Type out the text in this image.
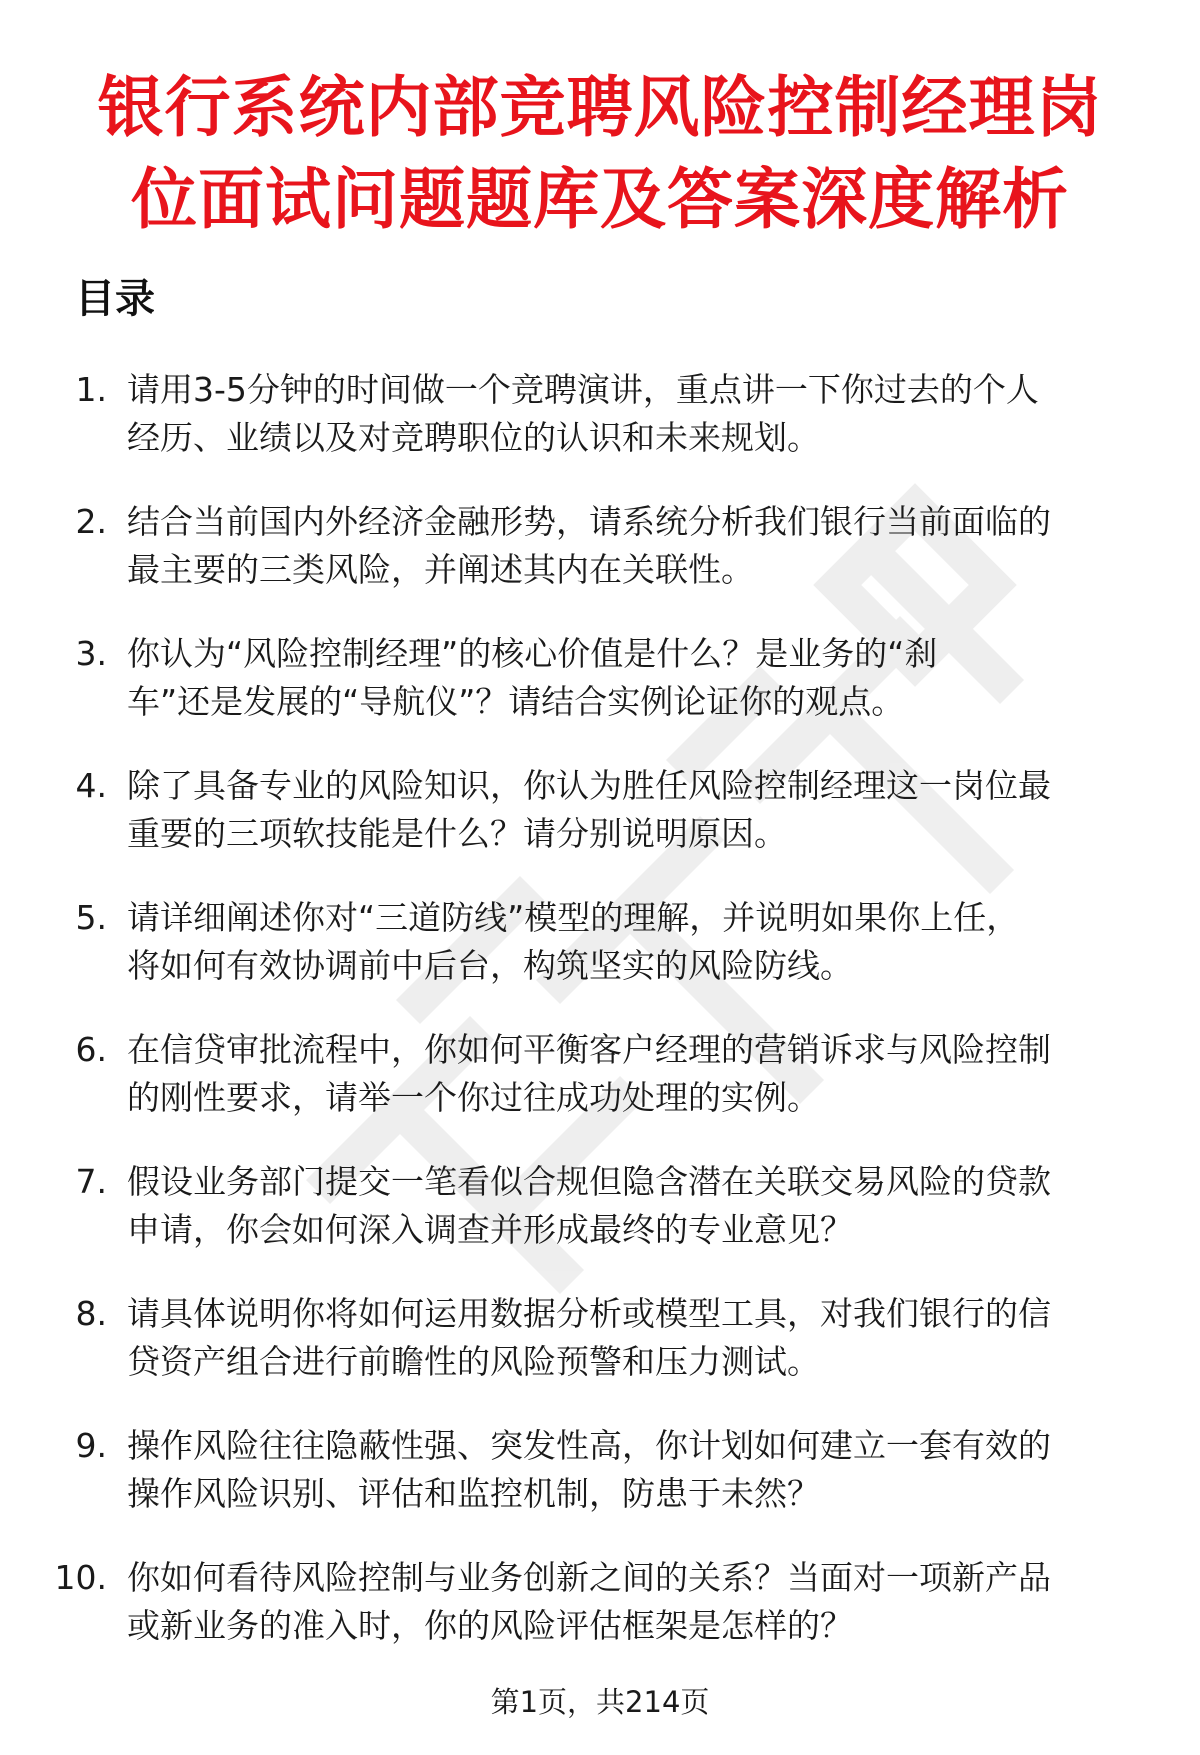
银行系统内部竞聘风险控制经理岗
位面试问题题库及答案深度解析
目录
1. 请用3-5分钟的时间做一个竞聘演讲，重点讲一下你过去的个人
经历、业绩以及对竞聘职位的认识和未来规划。
2. 结合当前国内外经济金融形势，请系统分析我们银行当前面临的
最主要的三类风险，并阐述其内在关联性。
3. 你认为“风险控制经理”的核心价值是什么？是业务的“刹
车”还是发展的“导航仪”？请结合实例论证你的观点。
4. 除了具备专业的风险知识，你认为胜任风险控制经理这一岗位最
重要的三项软技能是什么？请分别说明原因。
5. 请详细阐述你对“三道防线”模型的理解，并说明如果你上任，
将如何有效协调前中后台，构筑坚实的风险防线。
6. 在信贷审批流程中，你如何平衡客户经理的营销诉求与风险控制
的刚性要求，请举一个你过往成功处理的实例。
7. 假设业务部门提交一笔看似合规但隐含潜在关联交易风险的贷款
申请，你会如何深入调查并形成最终的专业意见？
8. 请具体说明你将如何运用数据分析或模型工具，对我们银行的信
贷资产组合进行前瞻性的风险预警和压力测试。
9. 操作风险往往隐蔽性强、突发性高，你计划如何建立一套有效的
操作风险识别、评估和监控机制，防患于未然？
10. 你如何看待风险控制与业务创新之间的关系？当面对一项新产品
或新业务的准入时，你的风险评估框架是怎样的？
第1页，共214页
